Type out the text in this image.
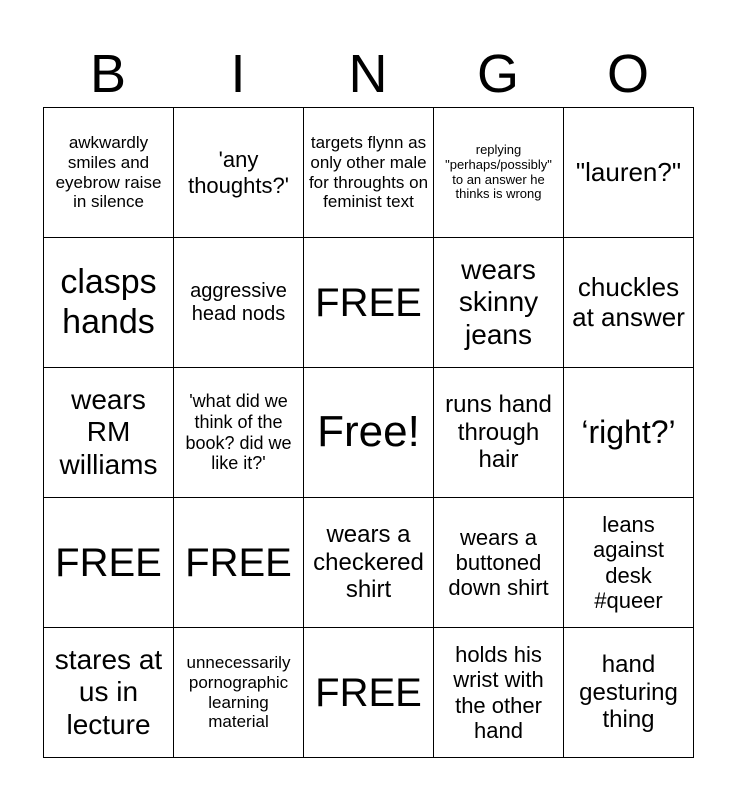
B	I	N	G	O
awkwardly smiles and eyebrow raise in silence	'any thoughts?'	targets flynn as only other male for throughts on feminist text	replying "perhaps/possibly" to an answer he thinks is wrong	"lauren?"
clasps hands	aggressive head nods	FREE	wears skinny jeans	chuckles at answer
wears RM williams	'what did we think of the book? did we like it?'	Free!	runs hand through hair	‘right?’
FREE	FREE	wears a checkered shirt	wears a buttoned down shirt	leans against desk #queer
stares at us in lecture	unnecessarily pornographic learning material	FREE	holds his wrist with the other hand	hand gesturing thing
